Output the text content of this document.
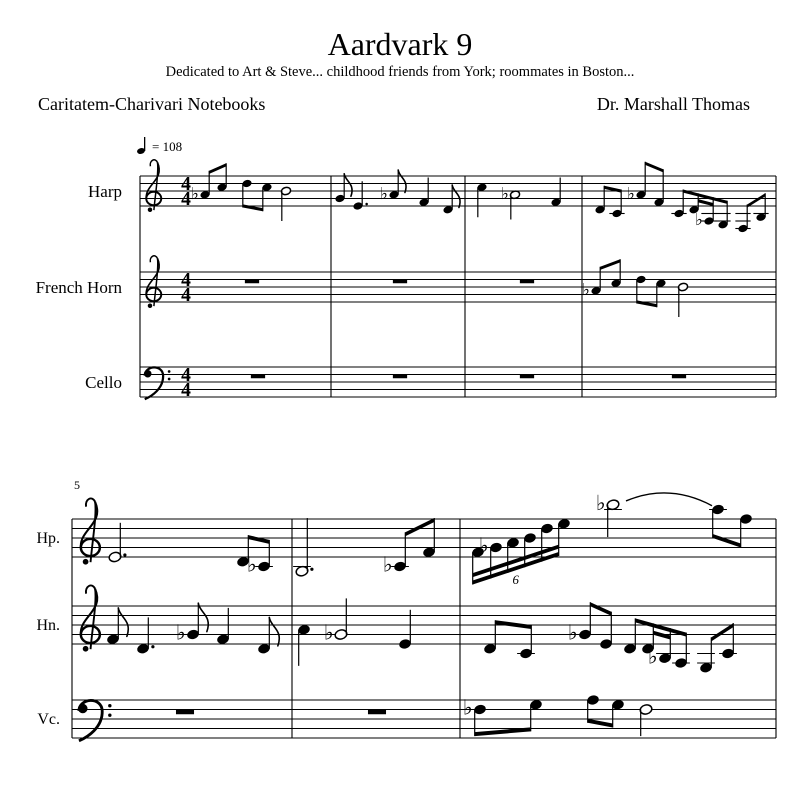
Aardvark 9
Dedicated to Art & Steve... childhood friends from York; roommates in Boston...
Caritatem-Charivari Notebooks	Dr. Marshall Thomas
= 108
4
4
Harp	♭	♭	♭	♭
♭
4
4
French Horn	♭
4
4
Cello
5
Hp.
♭	♭
♭
6
♭
Hn.	♭	♭	♭
♭
Vc.	♭
